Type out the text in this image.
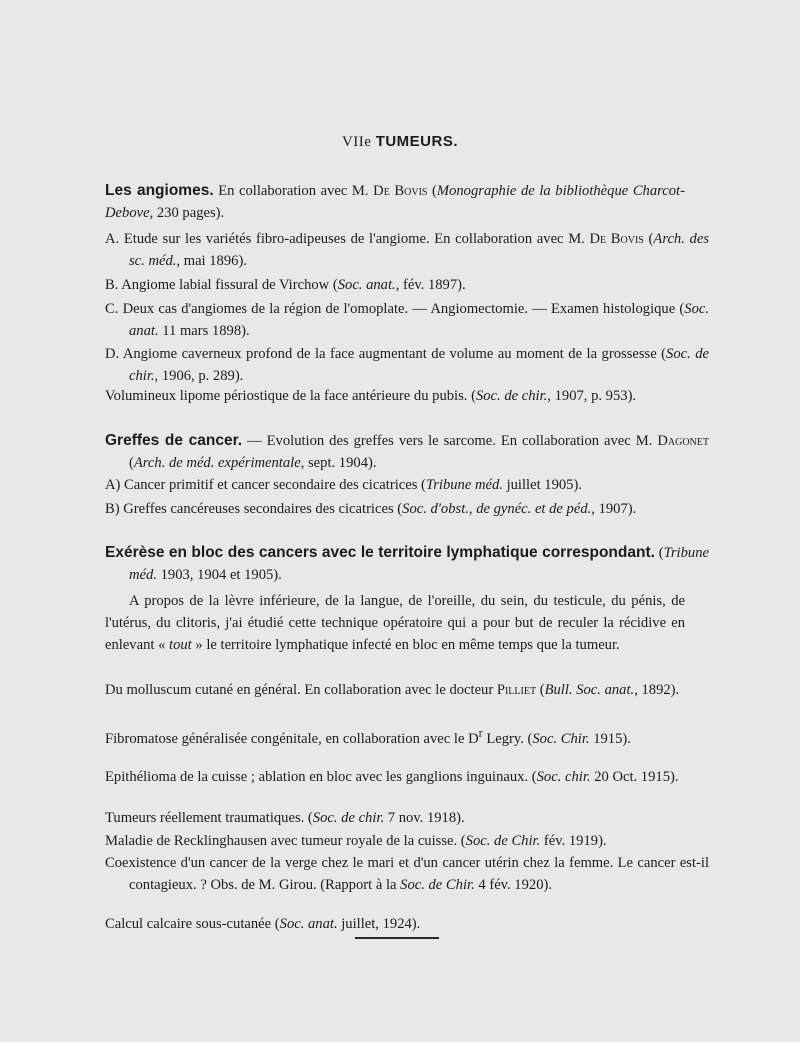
VIIe TUMEURS.
Les angiomes. En collaboration avec M. De Bovis (Monographie de la bibliothèque Charcot-Debove, 230 pages).
A. Etude sur les variétés fibro-adipeuses de l'angiome. En collaboration avec M. De Bovis (Arch. des sc. méd., mai 1896).
B. Angiome labial fissural de Virchow (Soc. anat., fév. 1897).
C. Deux cas d'angiomes de la région de l'omoplate. — Angiomectomie. — Examen histologique (Soc. anat. 11 mars 1898).
D. Angiome caverneux profond de la face augmentant de volume au moment de la grossesse (Soc. de chir., 1906, p. 289).
Volumineux lipome périostique de la face antérieure du pubis. (Soc. de chir., 1907, p. 953).
Greffes de cancer. — Evolution des greffes vers le sarcome. En collaboration avec M. Dagonet (Arch. de méd. expérimentale, sept. 1904).
A) Cancer primitif et cancer secondaire des cicatrices (Tribune méd. juillet 1905).
B) Greffes cancéreuses secondaires des cicatrices (Soc. d'obst., de gynéc. et de péd., 1907).
Exérèse en bloc des cancers avec le territoire lymphatique correspondant. (Tribune méd. 1903, 1904 et 1905).
A propos de la lèvre inférieure, de la langue, de l'oreille, du sein, du testicule, du pénis, de l'utérus, du clitoris, j'ai étudié cette technique opératoire qui a pour but de reculer la récidive en enlevant « tout » le territoire lymphatique infecté en bloc en même temps que la tumeur.
Du molluscum cutané en général. En collaboration avec le docteur Pilliet (Bull. Soc. anat., 1892).
Fibromatose généralisée congénitale, en collaboration avec le $D^r$ Legry. (Soc. Chir. 1915).
Epithélioma de la cuisse ; ablation en bloc avec les ganglions inguinaux. (Soc. chir. 20 Oct. 1915).
Tumeurs réellement traumatiques. (Soc. de chir. 7 nov. 1918).
Maladie de Recklinghausen avec tumeur royale de la cuisse. (Soc. de Chir. fév. 1919).
Coexistence d'un cancer de la verge chez le mari et d'un cancer utérin chez la femme. Le cancer est-il contagieux. ? Obs. de M. Girou. (Rapport à la Soc. de Chir. 4 fév. 1920).
Calcul calcaire sous-cutanée (Soc. anat. juillet, 1924).
